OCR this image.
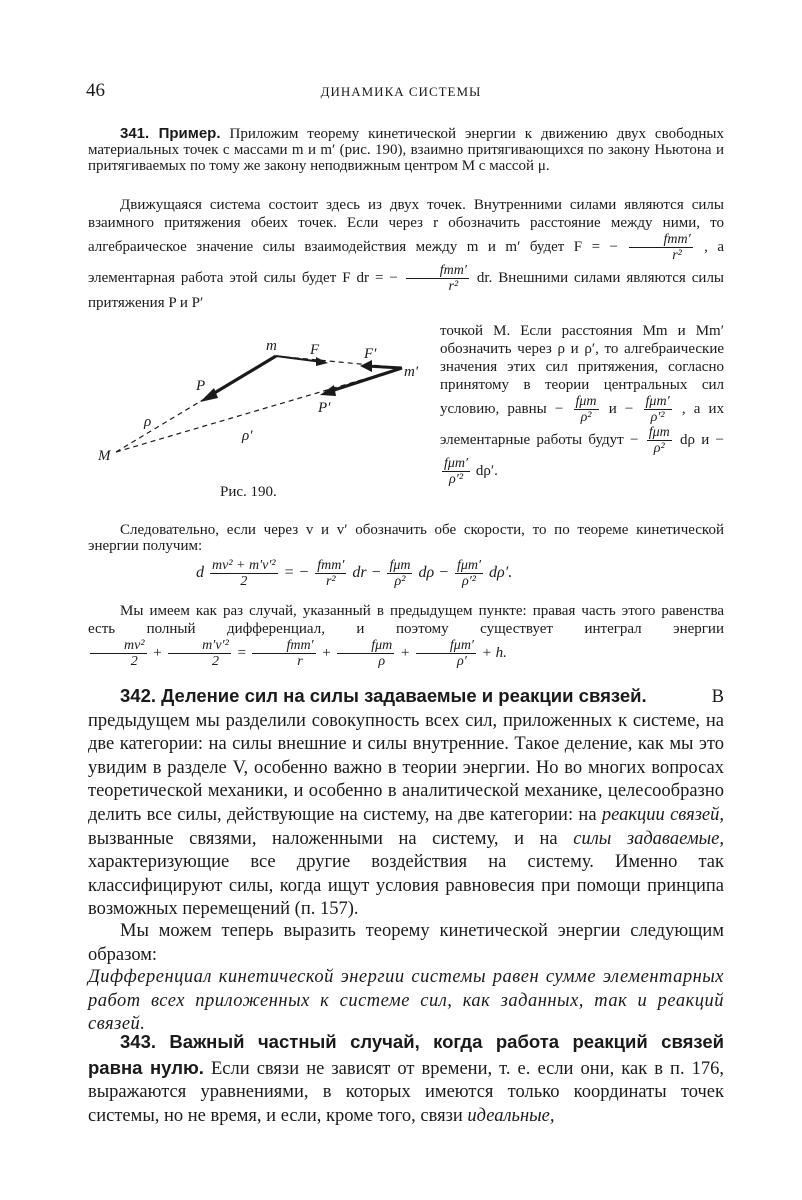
46	ДИНАМИКА СИСТЕМЫ
341. Пример. Приложим теорему кинетической энергии к движению двух свободных материальных точек с массами m и m′ (рис. 190), взаимно притягивающихся по закону Ньютона и притягиваемых по тому же закону неподвижным центром M с массой μ.
Движущаяся система состоит здесь из двух точек. Внутренними силами являются силы взаимного притяжения обеих точек. Если через r обозначить расстояние между ними, то алгебраическое значение силы взаимодействия между m и m′ будет F = − $\frac{\text{fmm′}}{\text{r²}}$ , а элементарная работа этой силы будет F dr = − $\frac{\text{fmm′}}{\text{r²}}$ dr. Внешними силами являются силы притяжения P и P′
m F	F′
m′
P
P′
ρ
ρ′
M
Рис. 190.
точкой M. Если расстояния Mm и Mm′ обозначить через ρ и ρ′, то алгебраические значения этих сил притяжения, согласно принятому в теории центральных сил условию, равны − $\frac{\text{fμm}}{\text{ρ²}}$ $и - \frac{\text{fμm′}}{\text{ρ′²}}$ , а их элементарные работы будут − $\frac{\text{fμm}}{\text{ρ²}}$ dρ и −
$\frac{\text{fμm′}}{\text{ρ′²}} d\rho'$.
Следовательно, если через v и v′ обозначить обе скорости, то по теореме кинетической энергии получим:
d $\frac{\text{mv² + m′v′²}}{2}$ = − $\frac{\text{fmm′}}{\text{r²}}$ dr − $\frac{\text{fμm}}{\text{ρ²}}$ $d\rho - \frac{\text{fμm′}}{\text{ρ′²}} d\rho'$.
Мы имеем как раз случай, указанный в предыдущем пункте: правая часть этого равенства есть полный дифференциал, и поэтому существует интеграл энергии
$\frac{\text{mv²}}{2} + \frac{\text{m′v′²}}{2} = \frac{\text{fmm′}}{r} + \frac{\text{fμm}}{\rho} + \frac{\text{fμm′}}{\rho'} + h$.
342. Деление сил на силы задаваемые и реакции связей.	В предыдущем мы разделили совокупность всех сил, приложенных к системе, на две категории: на силы внешние и силы внутренние. Такое деление, как мы это увидим в разделе V, особенно важно в теории энергии. Но во многих вопросах теоретической механики, и особенно в аналитической механике, целесообразно делить все силы, действующие на систему, на две категории: на реакции связей, вызванные связями, наложенными на систему, и на силы задаваемые, характеризующие все другие воздействия на систему. Именно так классифицируют силы, когда ищут условия равновесия при помощи принципа возможных перемещений (п. 157).
Мы можем теперь выразить теорему кинетической энергии следующим образом:
Дифференциал кинетической энергии системы равен сумме элементарных работ всех приложенных к системе сил, как заданных, так и реакций связей.
343. Важный частный случай, когда работа реакций связей равна нулю. Если связи не зависят от времени, т. е. если они, как в п. 176, выражаются уравнениями, в которых имеются только координаты точек системы, но не время, и если, кроме того, связи идеальные,
